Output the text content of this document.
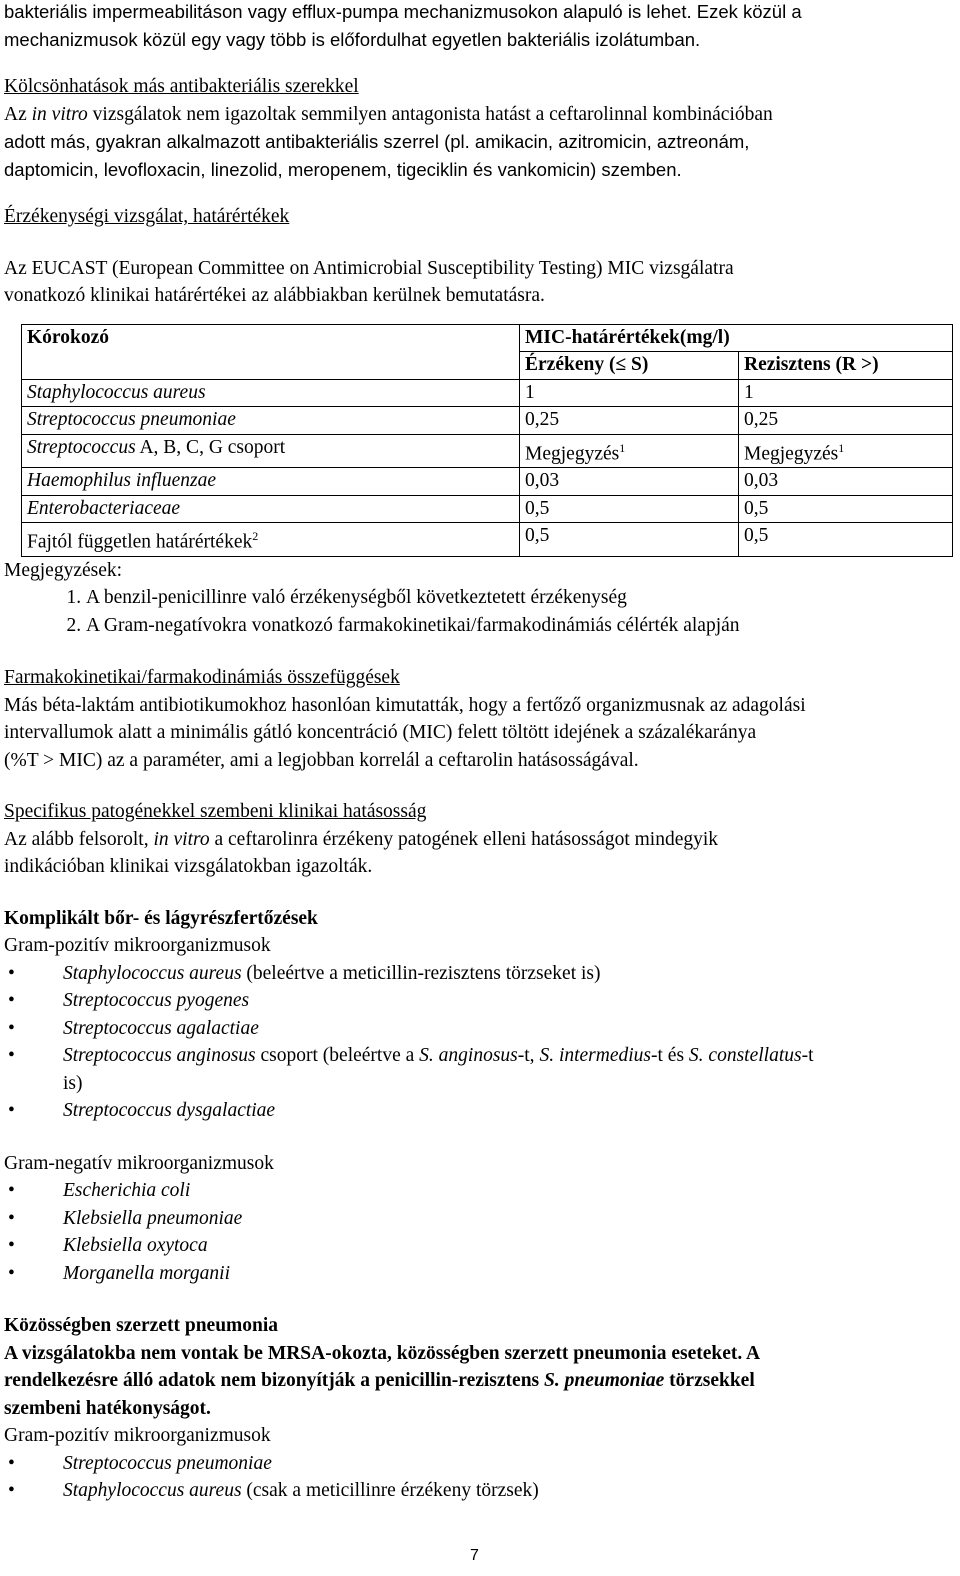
bakteriális impermeabilitáson vagy efflux-pumpa mechanizmusokon alapuló is lehet. Ezek közül a

mechanizmusok közül egy vagy több is előfordulhat egyetlen bakteriális izolátumban.

Kölcsönhatások más antibakteriális szerekkel

Az in vitro vizsgálatok nem igazoltak semmilyen antagonista hatást a ceftarolinnal kombinációban

adott más, gyakran alkalmazott antibakteriális szerrel (pl. amikacin, azitromicin, aztreonám,

daptomicin, levofloxacin, linezolid, meropenem, tigeciklin és vankomicin) szemben.

Érzékenységi vizsgálat, határértékek

Az EUCAST (European Committee on Antimicrobial Susceptibility Testing) MIC vizsgálatra

vonatkozó klinikai határértékei az alábbiakban kerülnek bemutatásra.

Kórokozó	MIC-határértékek(mg/l)	
	Érzékeny (≤ S)	Rezisztens (R >)
Staphylococcus aureus	1	1
Streptococcus pneumoniae	0,25	0,25
Streptococcus A, B, C, G csoport	Megjegyzés$^1$	Megjegyzés$^1$
Haemophilus influenzae	0,03	0,03
Enterobacteriaceae	0,5	0,5
Fajtól független határértékek$^2$	0,5	0,5

Megjegyzések:

1. A benzil-penicillinre való érzékenységből következtetett érzékenység
2. A Gram-negatívokra vonatkozó farmakokinetikai/farmakodinámiás célérték alapján

Farmakokinetikai/farmakodinámiás összefüggések

Más béta-laktám antibiotikumokhoz hasonlóan kimutatták, hogy a fertőző organizmusnak az adagolási

intervallumok alatt a minimális gátló koncentráció (MIC) felett töltött idejének a százalékaránya

(%T > MIC) az a paraméter, ami a legjobban korrelál a ceftarolin hatásosságával.

Specifikus patogénekkel szembeni klinikai hatásosság

Az alább felsorolt, in vitro a ceftarolinra érzékeny patogének elleni hatásosságot mindegyik

indikációban klinikai vizsgálatokban igazolták.

Komplikált bőr- és lágyrészfertőzések

Gram-pozitív mikroorganizmusok

• Staphylococcus aureus (beleértve a meticillin-rezisztens törzseket is)
• Streptococcus pyogenes
• Streptococcus agalactiae
• Streptococcus anginosus csoport (beleértve a S. anginosus-t, S. intermedius-t és S. constellatus-t
is)
• Streptococcus dysgalactiae

Gram-negatív mikroorganizmusok

• Escherichia coli
• Klebsiella pneumoniae
• Klebsiella oxytoca
• Morganella morganii

Közösségben szerzett pneumonia

A vizsgálatokba nem vontak be MRSA-okozta, közösségben szerzett pneumonia eseteket. A

rendelkezésre álló adatok nem bizonyítják a penicillin-rezisztens S. pneumoniae törzsekkel

szembeni hatékonyságot.

Gram-pozitív mikroorganizmusok

• Streptococcus pneumoniae
• Staphylococcus aureus (csak a meticillinre érzékeny törzsek)
7
